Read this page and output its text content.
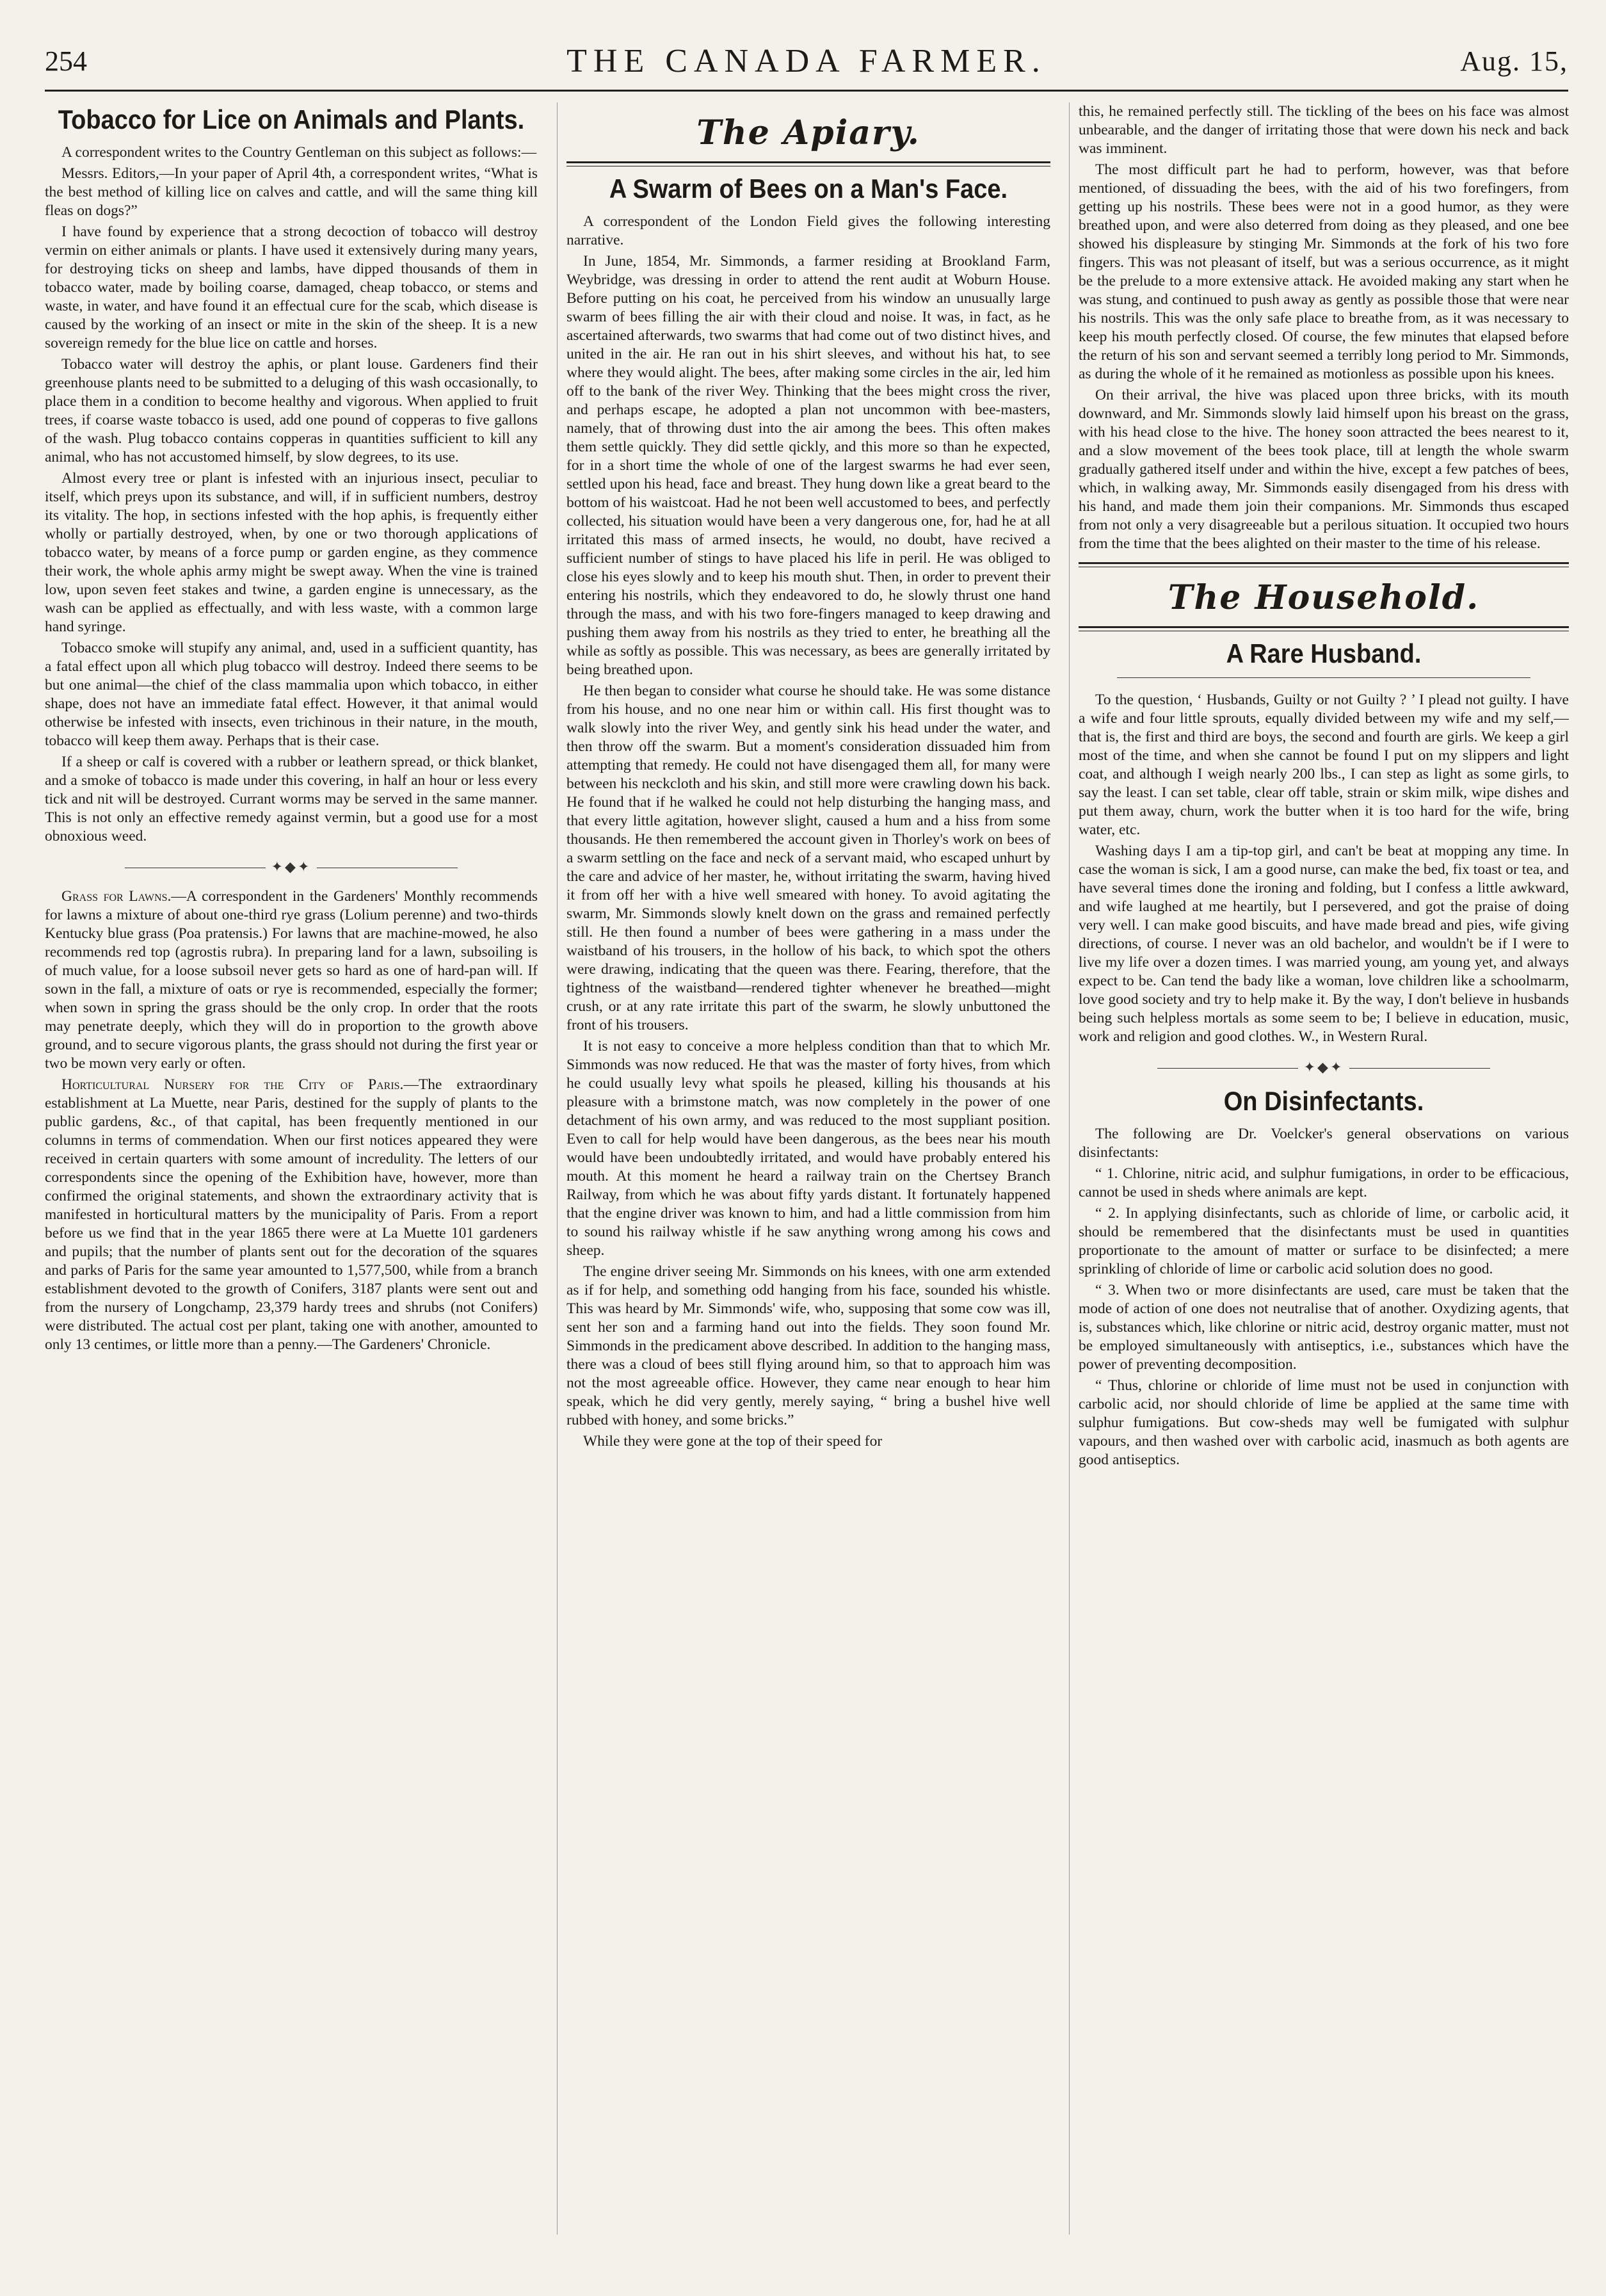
254	THE CANADA FARMER.	Aug. 15,
Tobacco for Lice on Animals and Plants.

A correspondent writes to the Country Gentleman on this subject as follows:—

Messrs. Editors,—In your paper of April 4th, a correspondent writes, “What is the best method of killing lice on calves and cattle, and will the same thing kill fleas on dogs?”

I have found by experience that a strong decoction of tobacco will destroy vermin on either animals or plants. I have used it extensively during many years, for destroying ticks on sheep and lambs, have dipped thousands of them in tobacco water, made by boiling coarse, damaged, cheap tobacco, or stems and waste, in water, and have found it an effectual cure for the scab, which disease is caused by the working of an insect or mite in the skin of the sheep. It is a new sovereign remedy for the blue lice on cattle and horses.

Tobacco water will destroy the aphis, or plant louse. Gardeners find their greenhouse plants need to be submitted to a deluging of this wash occasionally, to place them in a condition to become healthy and vigorous. When applied to fruit trees, if coarse waste tobacco is used, add one pound of copperas to five gallons of the wash. Plug tobacco contains copperas in quantities sufficient to kill any animal, who has not accustomed himself, by slow degrees, to its use.

Almost every tree or plant is infested with an injurious insect, peculiar to itself, which preys upon its substance, and will, if in sufficient numbers, destroy its vitality. The hop, in sections infested with the hop aphis, is frequently either wholly or partially destroyed, when, by one or two thorough applications of tobacco water, by means of a force pump or garden engine, as they commence their work, the whole aphis army might be swept away. When the vine is trained low, upon seven feet stakes and twine, a garden engine is unnecessary, as the wash can be applied as effectually, and with less waste, with a common large hand syringe.

Tobacco smoke will stupify any animal, and, used in a sufficient quantity, has a fatal effect upon all which plug tobacco will destroy. Indeed there seems to be but one animal—the chief of the class mammalia upon which tobacco, in either shape, does not have an immediate fatal effect. However, it that animal would otherwise be infested with insects, even trichinous in their nature, in the mouth, tobacco will keep them away. Perhaps that is their case.

If a sheep or calf is covered with a rubber or leathern spread, or thick blanket, and a smoke of tobacco is made under this covering, in half an hour or less every tick and nit will be destroyed. Currant worms may be served in the same manner. This is not only an effective remedy against vermin, but a good use for a most obnoxious weed.

✦◆✦

Grass for Lawns.—A correspondent in the Gardeners' Monthly recommends for lawns a mixture of about one-third rye grass (Lolium perenne) and two-thirds Kentucky blue grass (Poa pratensis.) For lawns that are machine-mowed, he also recommends red top (agrostis rubra). In preparing land for a lawn, subsoiling is of much value, for a loose subsoil never gets so hard as one of hard-pan will. If sown in the fall, a mixture of oats or rye is recommended, especially the former; when sown in spring the grass should be the only crop. In order that the roots may penetrate deeply, which they will do in proportion to the growth above ground, and to secure vigorous plants, the grass should not during the first year or two be mown very early or often.

Horticultural Nursery for the City of Paris.—The extraordinary establishment at La Muette, near Paris, destined for the supply of plants to the public gardens, &c., of that capital, has been frequently mentioned in our columns in terms of commendation. When our first notices appeared they were received in certain quarters with some amount of incredulity. The letters of our correspondents since the opening of the Exhibition have, however, more than confirmed the original statements, and shown the extraordinary activity that is manifested in horticultural matters by the municipality of Paris. From a report before us we find that in the year 1865 there were at La Muette 101 gardeners and pupils; that the number of plants sent out for the decoration of the squares and parks of Paris for the same year amounted to 1,577,500, while from a branch establishment devoted to the growth of Conifers, 3187 plants were sent out and from the nursery of Longchamp, 23,379 hardy trees and shrubs (not Conifers) were distributed. The actual cost per plant, taking one with another, amounted to only 13 centimes, or little more than a penny.—The Gardeners' Chronicle.

The Apiary.
A Swarm of Bees on a Man's Face.

A correspondent of the London Field gives the following interesting narrative.

In June, 1854, Mr. Simmonds, a farmer residing at Brookland Farm, Weybridge, was dressing in order to attend the rent audit at Woburn House. Before putting on his coat, he perceived from his window an unusually large swarm of bees filling the air with their cloud and noise. It was, in fact, as he ascertained afterwards, two swarms that had come out of two distinct hives, and united in the air. He ran out in his shirt sleeves, and without his hat, to see where they would alight. The bees, after making some circles in the air, led him off to the bank of the river Wey. Thinking that the bees might cross the river, and perhaps escape, he adopted a plan not uncommon with bee-masters, namely, that of throwing dust into the air among the bees. This often makes them settle quickly. They did settle qickly, and this more so than he expected, for in a short time the whole of one of the largest swarms he had ever seen, settled upon his head, face and breast. They hung down like a great beard to the bottom of his waistcoat. Had he not been well accustomed to bees, and perfectly collected, his situation would have been a very dangerous one, for, had he at all irritated this mass of armed insects, he would, no doubt, have recived a sufficient number of stings to have placed his life in peril. He was obliged to close his eyes slowly and to keep his mouth shut. Then, in order to prevent their entering his nostrils, which they endeavored to do, he slowly thrust one hand through the mass, and with his two fore-fingers managed to keep drawing and pushing them away from his nostrils as they tried to enter, he breathing all the while as softly as possible. This was necessary, as bees are generally irritated by being breathed upon.

He then began to consider what course he should take. He was some distance from his house, and no one near him or within call. His first thought was to walk slowly into the river Wey, and gently sink his head under the water, and then throw off the swarm. But a moment's consideration dissuaded him from attempting that remedy. He could not have disengaged them all, for many were between his neckcloth and his skin, and still more were crawling down his back. He found that if he walked he could not help disturbing the hanging mass, and that every little agitation, however slight, caused a hum and a hiss from some thousands. He then remembered the account given in Thorley's work on bees of a swarm settling on the face and neck of a servant maid, who escaped unhurt by the care and advice of her master, he, without irritating the swarm, having hived it from off her with a hive well smeared with honey. To avoid agitating the swarm, Mr. Simmonds slowly knelt down on the grass and remained perfectly still. He then found a number of bees were gathering in a mass under the waistband of his trousers, in the hollow of his back, to which spot the others were drawing, indicating that the queen was there. Fearing, therefore, that the tightness of the waistband—rendered tighter whenever he breathed—might crush, or at any rate irritate this part of the swarm, he slowly unbuttoned the front of his trousers.

It is not easy to conceive a more helpless condition than that to which Mr. Simmonds was now reduced. He that was the master of forty hives, from which he could usually levy what spoils he pleased, killing his thousands at his pleasure with a brimstone match, was now completely in the power of one detachment of his own army, and was reduced to the most suppliant position. Even to call for help would have been dangerous, as the bees near his mouth would have been undoubtedly irritated, and would have probably entered his mouth. At this moment he heard a railway train on the Chertsey Branch Railway, from which he was about fifty yards distant. It fortunately happened that the engine driver was known to him, and had a little commission from him to sound his railway whistle if he saw anything wrong among his cows and sheep.

The engine driver seeing Mr. Simmonds on his knees, with one arm extended as if for help, and something odd hanging from his face, sounded his whistle. This was heard by Mr. Simmonds' wife, who, supposing that some cow was ill, sent her son and a farming hand out into the fields. They soon found Mr. Simmonds in the predicament above described. In addition to the hanging mass, there was a cloud of bees still flying around him, so that to approach him was not the most agreeable office. However, they came near enough to hear him speak, which he did very gently, merely saying, “ bring a bushel hive well rubbed with honey, and some bricks.”

While they were gone at the top of their speed for

this, he remained perfectly still. The tickling of the bees on his face was almost unbearable, and the danger of irritating those that were down his neck and back was imminent.

The most difficult part he had to perform, however, was that before mentioned, of dissuading the bees, with the aid of his two forefingers, from getting up his nostrils. These bees were not in a good humor, as they were breathed upon, and were also deterred from doing as they pleased, and one bee showed his displeasure by stinging Mr. Simmonds at the fork of his two fore fingers. This was not pleasant of itself, but was a serious occurrence, as it might be the prelude to a more extensive attack. He avoided making any start when he was stung, and continued to push away as gently as possible those that were near his nostrils. This was the only safe place to breathe from, as it was necessary to keep his mouth perfectly closed. Of course, the few minutes that elapsed before the return of his son and servant seemed a terribly long period to Mr. Simmonds, as during the whole of it he remained as motionless as possible upon his knees.

On their arrival, the hive was placed upon three bricks, with its mouth downward, and Mr. Simmonds slowly laid himself upon his breast on the grass, with his head close to the hive. The honey soon attracted the bees nearest to it, and a slow movement of the bees took place, till at length the whole swarm gradually gathered itself under and within the hive, except a few patches of bees, which, in walking away, Mr. Simmonds easily disengaged from his dress with his hand, and made them join their companions. Mr. Simmonds thus escaped from not only a very disagreeable but a perilous situation. It occupied two hours from the time that the bees alighted on their master to the time of his release.

The Household.
A Rare Husband.

To the question, ‘ Husbands, Guilty or not Guilty ? ’ I plead not guilty. I have a wife and four little sprouts, equally divided between my wife and my self,—that is, the first and third are boys, the second and fourth are girls. We keep a girl most of the time, and when she cannot be found I put on my slippers and light coat, and although I weigh nearly 200 lbs., I can step as light as some girls, to say the least. I can set table, clear off table, strain or skim milk, wipe dishes and put them away, churn, work the butter when it is too hard for the wife, bring water, etc.

Washing days I am a tip-top girl, and can't be beat at mopping any time. In case the woman is sick, I am a good nurse, can make the bed, fix toast or tea, and have several times done the ironing and folding, but I confess a little awkward, and wife laughed at me heartily, but I persevered, and got the praise of doing very well. I can make good biscuits, and have made bread and pies, wife giving directions, of course. I never was an old bachelor, and wouldn't be if I were to live my life over a dozen times. I was married young, am young yet, and always expect to be. Can tend the bady like a woman, love children like a schoolmarm, love good society and try to help make it. By the way, I don't believe in husbands being such helpless mortals as some seem to be; I believe in education, music, work and religion and good clothes. W., in Western Rural.

✦◆✦
On Disinfectants.

The following are Dr. Voelcker's general observations on various disinfectants:

“ 1. Chlorine, nitric acid, and sulphur fumigations, in order to be efficacious, cannot be used in sheds where animals are kept.

“ 2. In applying disinfectants, such as chloride of lime, or carbolic acid, it should be remembered that the disinfectants must be used in quantities proportionate to the amount of matter or surface to be disinfected; a mere sprinkling of chloride of lime or carbolic acid solution does no good.

“ 3. When two or more disinfectants are used, care must be taken that the mode of action of one does not neutralise that of another. Oxydizing agents, that is, substances which, like chlorine or nitric acid, destroy organic matter, must not be employed simultaneously with antiseptics, i.e., substances which have the power of preventing decomposition.

“ Thus, chlorine or chloride of lime must not be used in conjunction with carbolic acid, nor should chloride of lime be applied at the same time with sulphur fumigations. But cow-sheds may well be fumigated with sulphur vapours, and then washed over with carbolic acid, inasmuch as both agents are good antiseptics.
